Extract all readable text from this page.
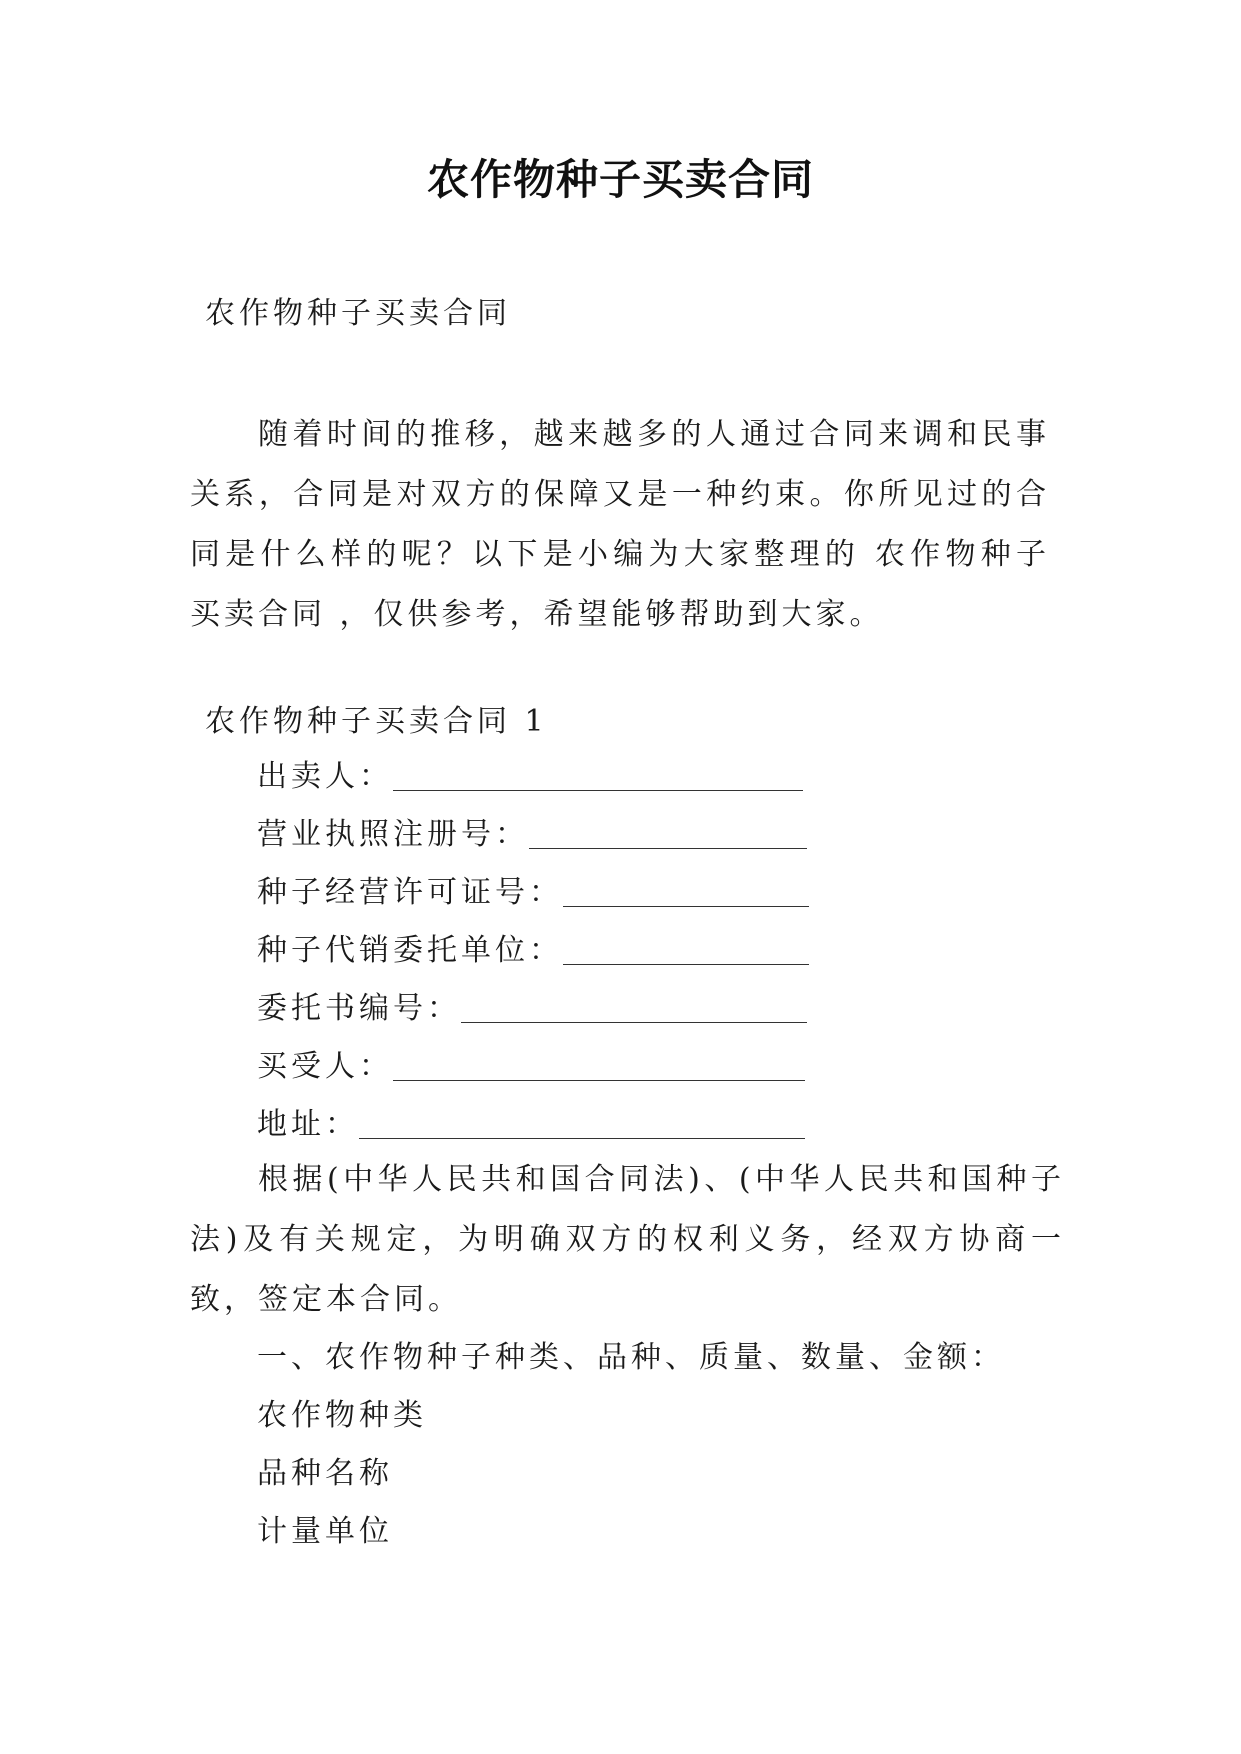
农作物种子买卖合同
农作物种子买卖合同
随着时间的推移，越来越多的人通过合同来调和民事关系，合同是对双方的保障又是一种约束。你所见过的合同是什么样的呢？以下是小编为大家整理的 农作物种子买卖合同 ，仅供参考，希望能够帮助到大家。
农作物种子买卖合同 1
出卖人：
营业执照注册号：
种子经营许可证号：
种子代销委托单位：
委托书编号：
买受人：
地址：
根据(中华人民共和国合同法)、(中华人民共和国种子法)及有关规定，为明确双方的权利义务，经双方协商一致，签定本合同。
一、农作物种子种类、品种、质量、数量、金额：
农作物种类
品种名称
计量单位
